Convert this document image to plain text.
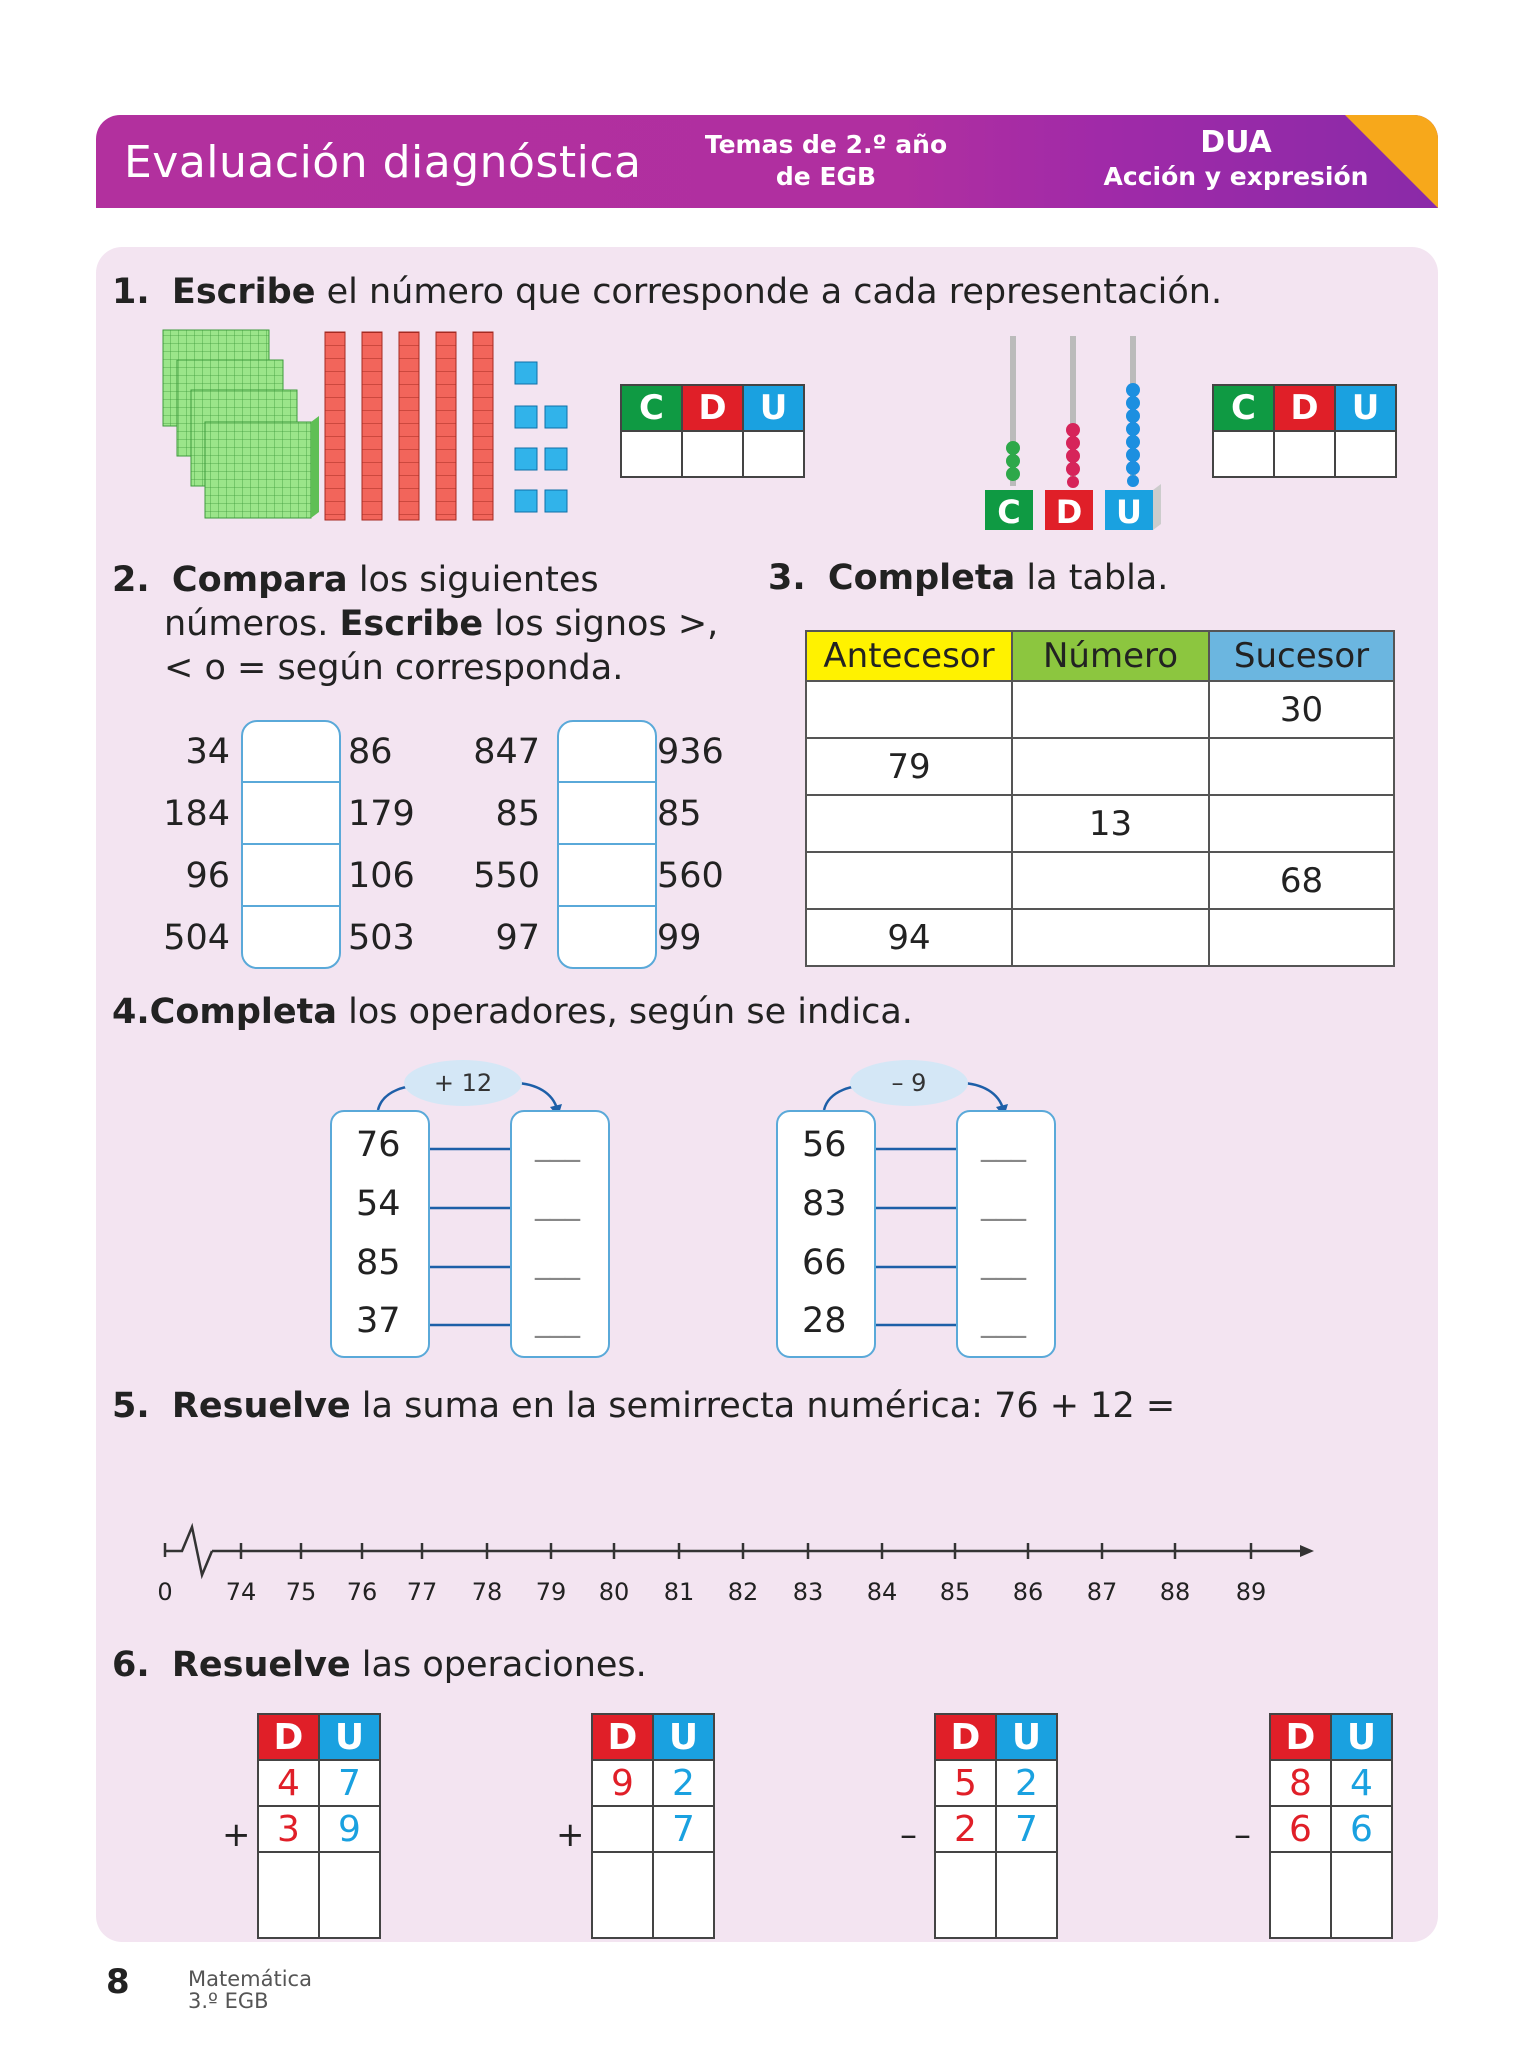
Evaluación diagnóstica	Temas de 2.º año
de EGB
DUA
Acción y expresión
1. Escribe el número que corresponde a cada representación.
C	D U
C D U
C	D U
2. Compara los siguientes
números. Escribe los signos >,
< o = según corresponda.
34	86
184	179
96	106
504	503
847	936
85	85
550	560
97	99
3. Completa la tabla.
Antecesor	Número	Sucesor
		30
79		
	13	
		68
94		
4.Completa los operadores, según se indica.
+ 12
76
54
85
37
___
___
___
___
– 9
56
83
66
28
___
___
___
___
5. Resuelve la suma en la semirrecta numérica: 76 + 12 =
0	74 75 76 77 78 79 80 81 82 83 84 85 86 87 88 89
6. Resuelve las operaciones.
+
D	U
4	7
3	9
		+
D	U
9	2
	7
		–
D	U
5	2
2	7
		–
D	U
8	4
6	6

8	Matemática
3.º EGB
